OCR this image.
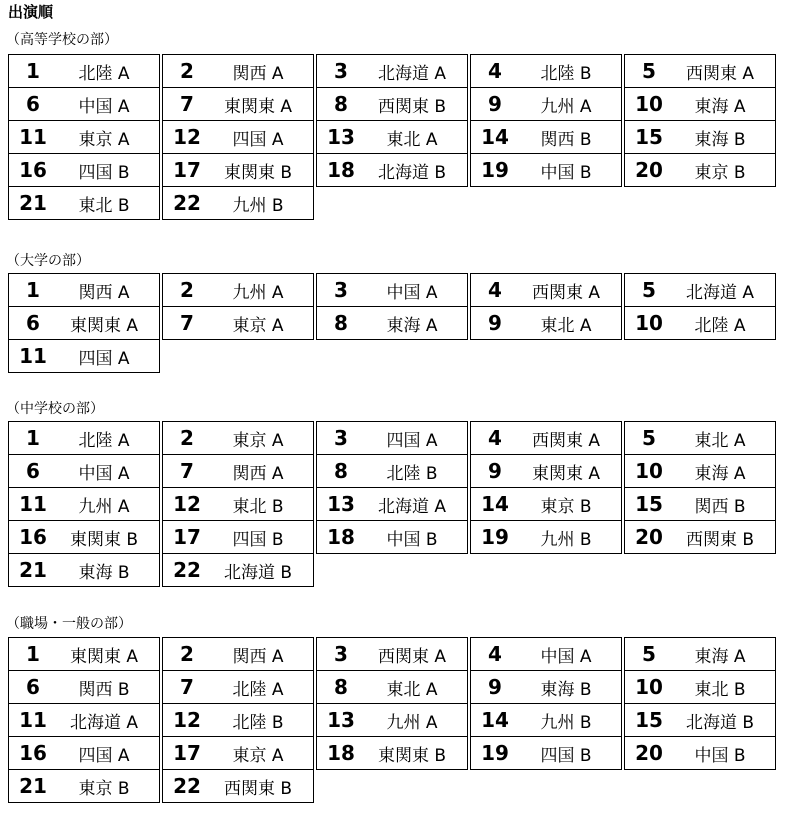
出演順
（高等学校の部）
1	北陸 A	2	関西 A	3	北海道 A	4	北陸 B	5	西関東 A
6	中国 A	7	東関東 A	8	西関東 B	9	九州 A	10	東海 A
11	東京 A	12	四国 A	13	東北 A	14	関西 B	15	東海 B
16	四国 B	17	東関東 B	18	北海道 B	19	中国 B	20	東京 B
21	東北 B	22	九州 B
（大学の部）
1	関西 A	2	九州 A	3	中国 A	4	西関東 A	5	北海道 A
6	東関東 A	7	東京 A	8	東海 A	9	東北 A	10	北陸 A
11	四国 A
（中学校の部）
1	北陸 A	2	東京 A	3	四国 A	4	西関東 A	5	東北 A
6	中国 A	7	関西 A	8	北陸 B	9	東関東 A	10	東海 A
11	九州 A	12	東北 B	13	北海道 A	14	東京 B	15	関西 B
16	東関東 B	17	四国 B	18	中国 B	19	九州 B	20	西関東 B
21	東海 B	22	北海道 B
（職場・一般の部）
1	東関東 A	2	関西 A	3	西関東 A	4	中国 A	5	東海 A
6	関西 B	7	北陸 A	8	東北 A	9	東海 B	10	東北 B
11	北海道 A	12	北陸 B	13	九州 A	14	九州 B	15	北海道 B
16	四国 A	17	東京 A	18	東関東 B	19	四国 B	20	中国 B
21	東京 B	22	西関東 B
